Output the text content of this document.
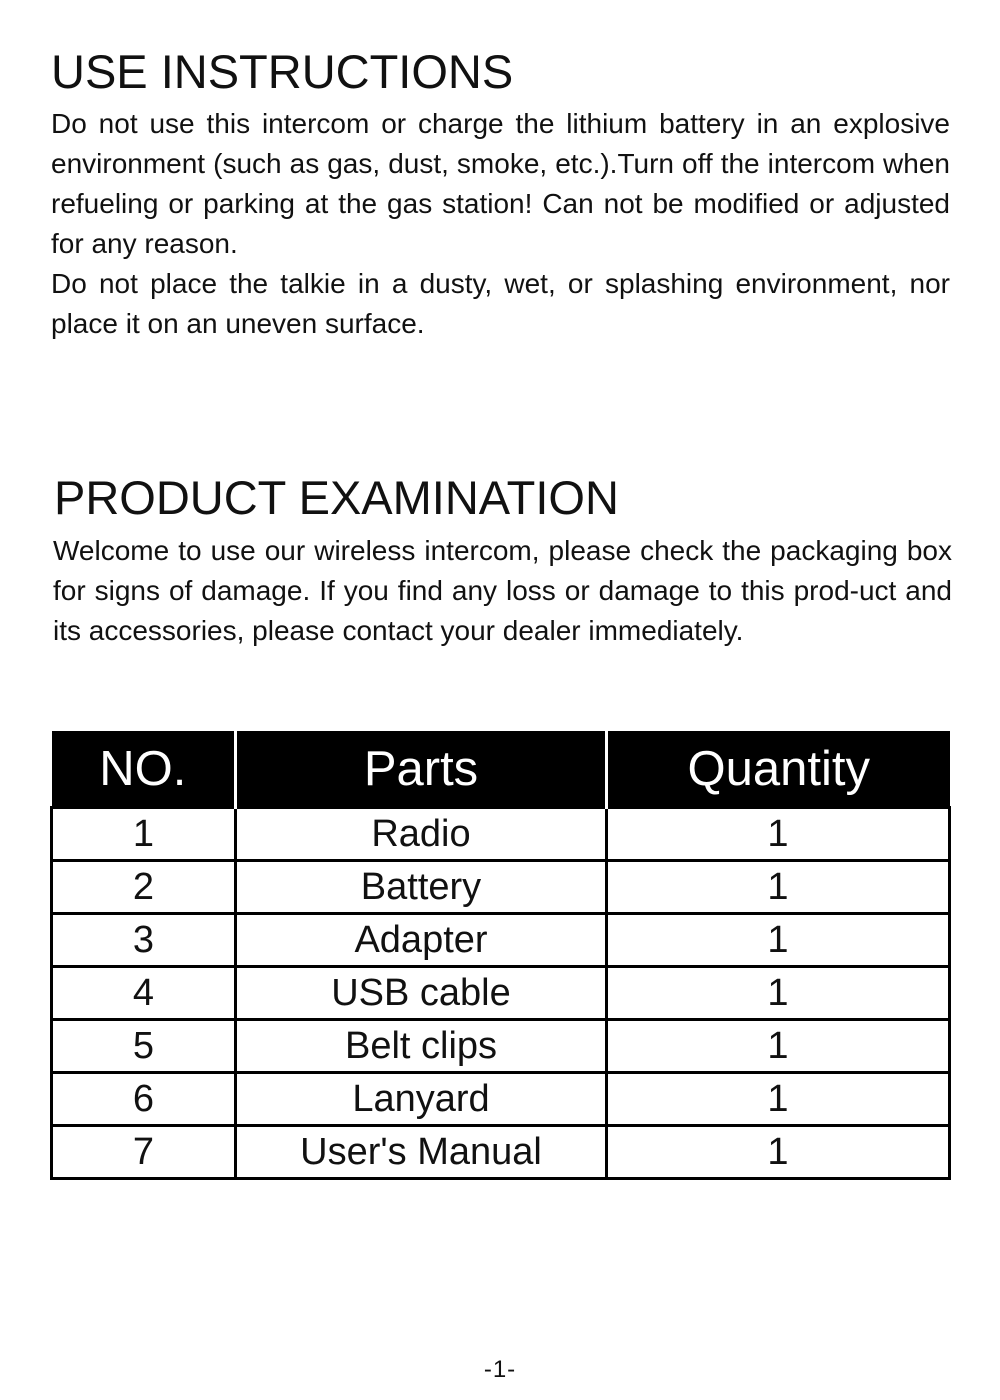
USE INSTRUCTIONS

Do not use this intercom or charge the lithium battery in an explosive environment (such as gas, dust, smoke, etc.).Turn off the intercom when refueling or parking at the gas station! Can not be modified or adjusted for any reason.

Do not place the talkie in a dusty, wet, or splashing environment, nor place it on an uneven surface.

PRODUCT EXAMINATION

Welcome to use our wireless intercom, please check the packaging box for signs of damage. If you find any loss or damage to this prod-uct and its accessories, please contact your dealer immediately.

NO.	Parts	Quantity
1	Radio	1
2	Battery	1
3	Adapter	1
4	USB cable	1
5	Belt clips	1
6	Lanyard	1
7	User's Manual	1
-1-
